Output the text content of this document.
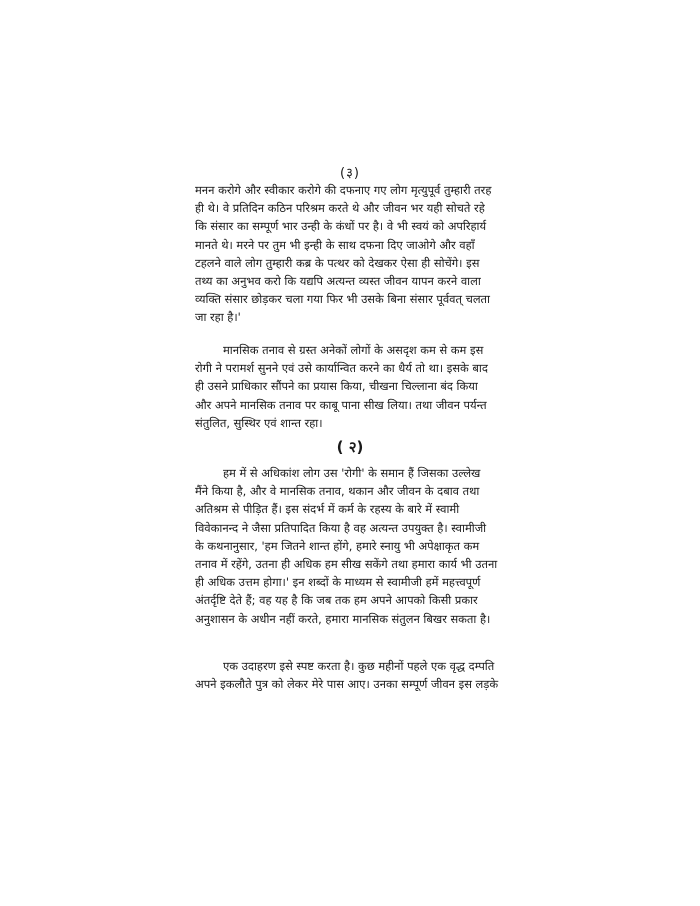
(३)
मनन करोगे और स्वीकार करोगे की दफनाए गए लोग मृत्युपूर्व तुम्हारी तरह
ही थे। वे प्रतिदिन कठिन परिश्रम करते थे और जीवन भर यही सोचते रहे
कि संसार का सम्पूर्ण भार उन्ही के कंधों पर है। वे भी स्वयं को अपरिहार्य
मानते थे। मरने पर तुम भी इन्ही के साथ दफना दिए जाओगे और वहाँ
टहलने वाले लोग तुम्हारी कब्र के पत्थर को देखकर ऐसा ही सोचेंगे। इस
तथ्य का अनुभव करो कि यद्यपि अत्यन्त व्यस्त जीवन यापन करने वाला
व्यक्ति संसार छोड़कर चला गया फिर भी उसके बिना संसार पूर्ववत् चलता
जा रहा है।'
मानसिक तनाव से ग्रस्त अनेकों लोगों के असदृश कम से कम इस
रोगी ने परामर्श सुनने एवं उसे कार्यान्वित करने का धैर्य तो था। इसके बाद
ही उसने प्राधिकार सौंपने का प्रयास किया, चीखना चिल्लाना बंद किया
और अपने मानसिक तनाव पर काबू पाना सीख लिया। तथा जीवन पर्यन्त
संतुलित, सुस्थिर एवं शान्त रहा।
( २)
हम में से अधिकांश लोग उस 'रोगी' के समान हैं जिसका उल्लेख
मैंने किया है, और वे मानसिक तनाव, थकान और जीवन के दबाव तथा
अतिश्रम से पीड़ित हैं। इस संदर्भ में कर्म के रहस्य के बारे में स्वामी
विवेकानन्द ने जैसा प्रतिपादित किया है वह अत्यन्त उपयुक्त है। स्वामीजी
के कथनानुसार, 'हम जितने शान्त होंगे, हमारे स्नायु भी अपेक्षाकृत कम
तनाव में रहेंगे, उतना ही अधिक हम सीख सकेंगे तथा हमारा कार्य भी उतना
ही अधिक उत्तम होगा।' इन शब्दों के माध्यम से स्वामीजी हमें महत्त्वपूर्ण
अंतर्दृष्टि देते हैं; वह यह है कि जब तक हम अपने आपको किसी प्रकार
अनुशासन के अधीन नहीं करते, हमारा मानसिक संतुलन बिखर सकता है।
एक उदाहरण इसे स्पष्ट करता है। कुछ महीनों पहले एक वृद्ध दम्पति
अपने इकलौते पुत्र को लेकर मेरे पास आए। उनका सम्पूर्ण जीवन इस लड़के
